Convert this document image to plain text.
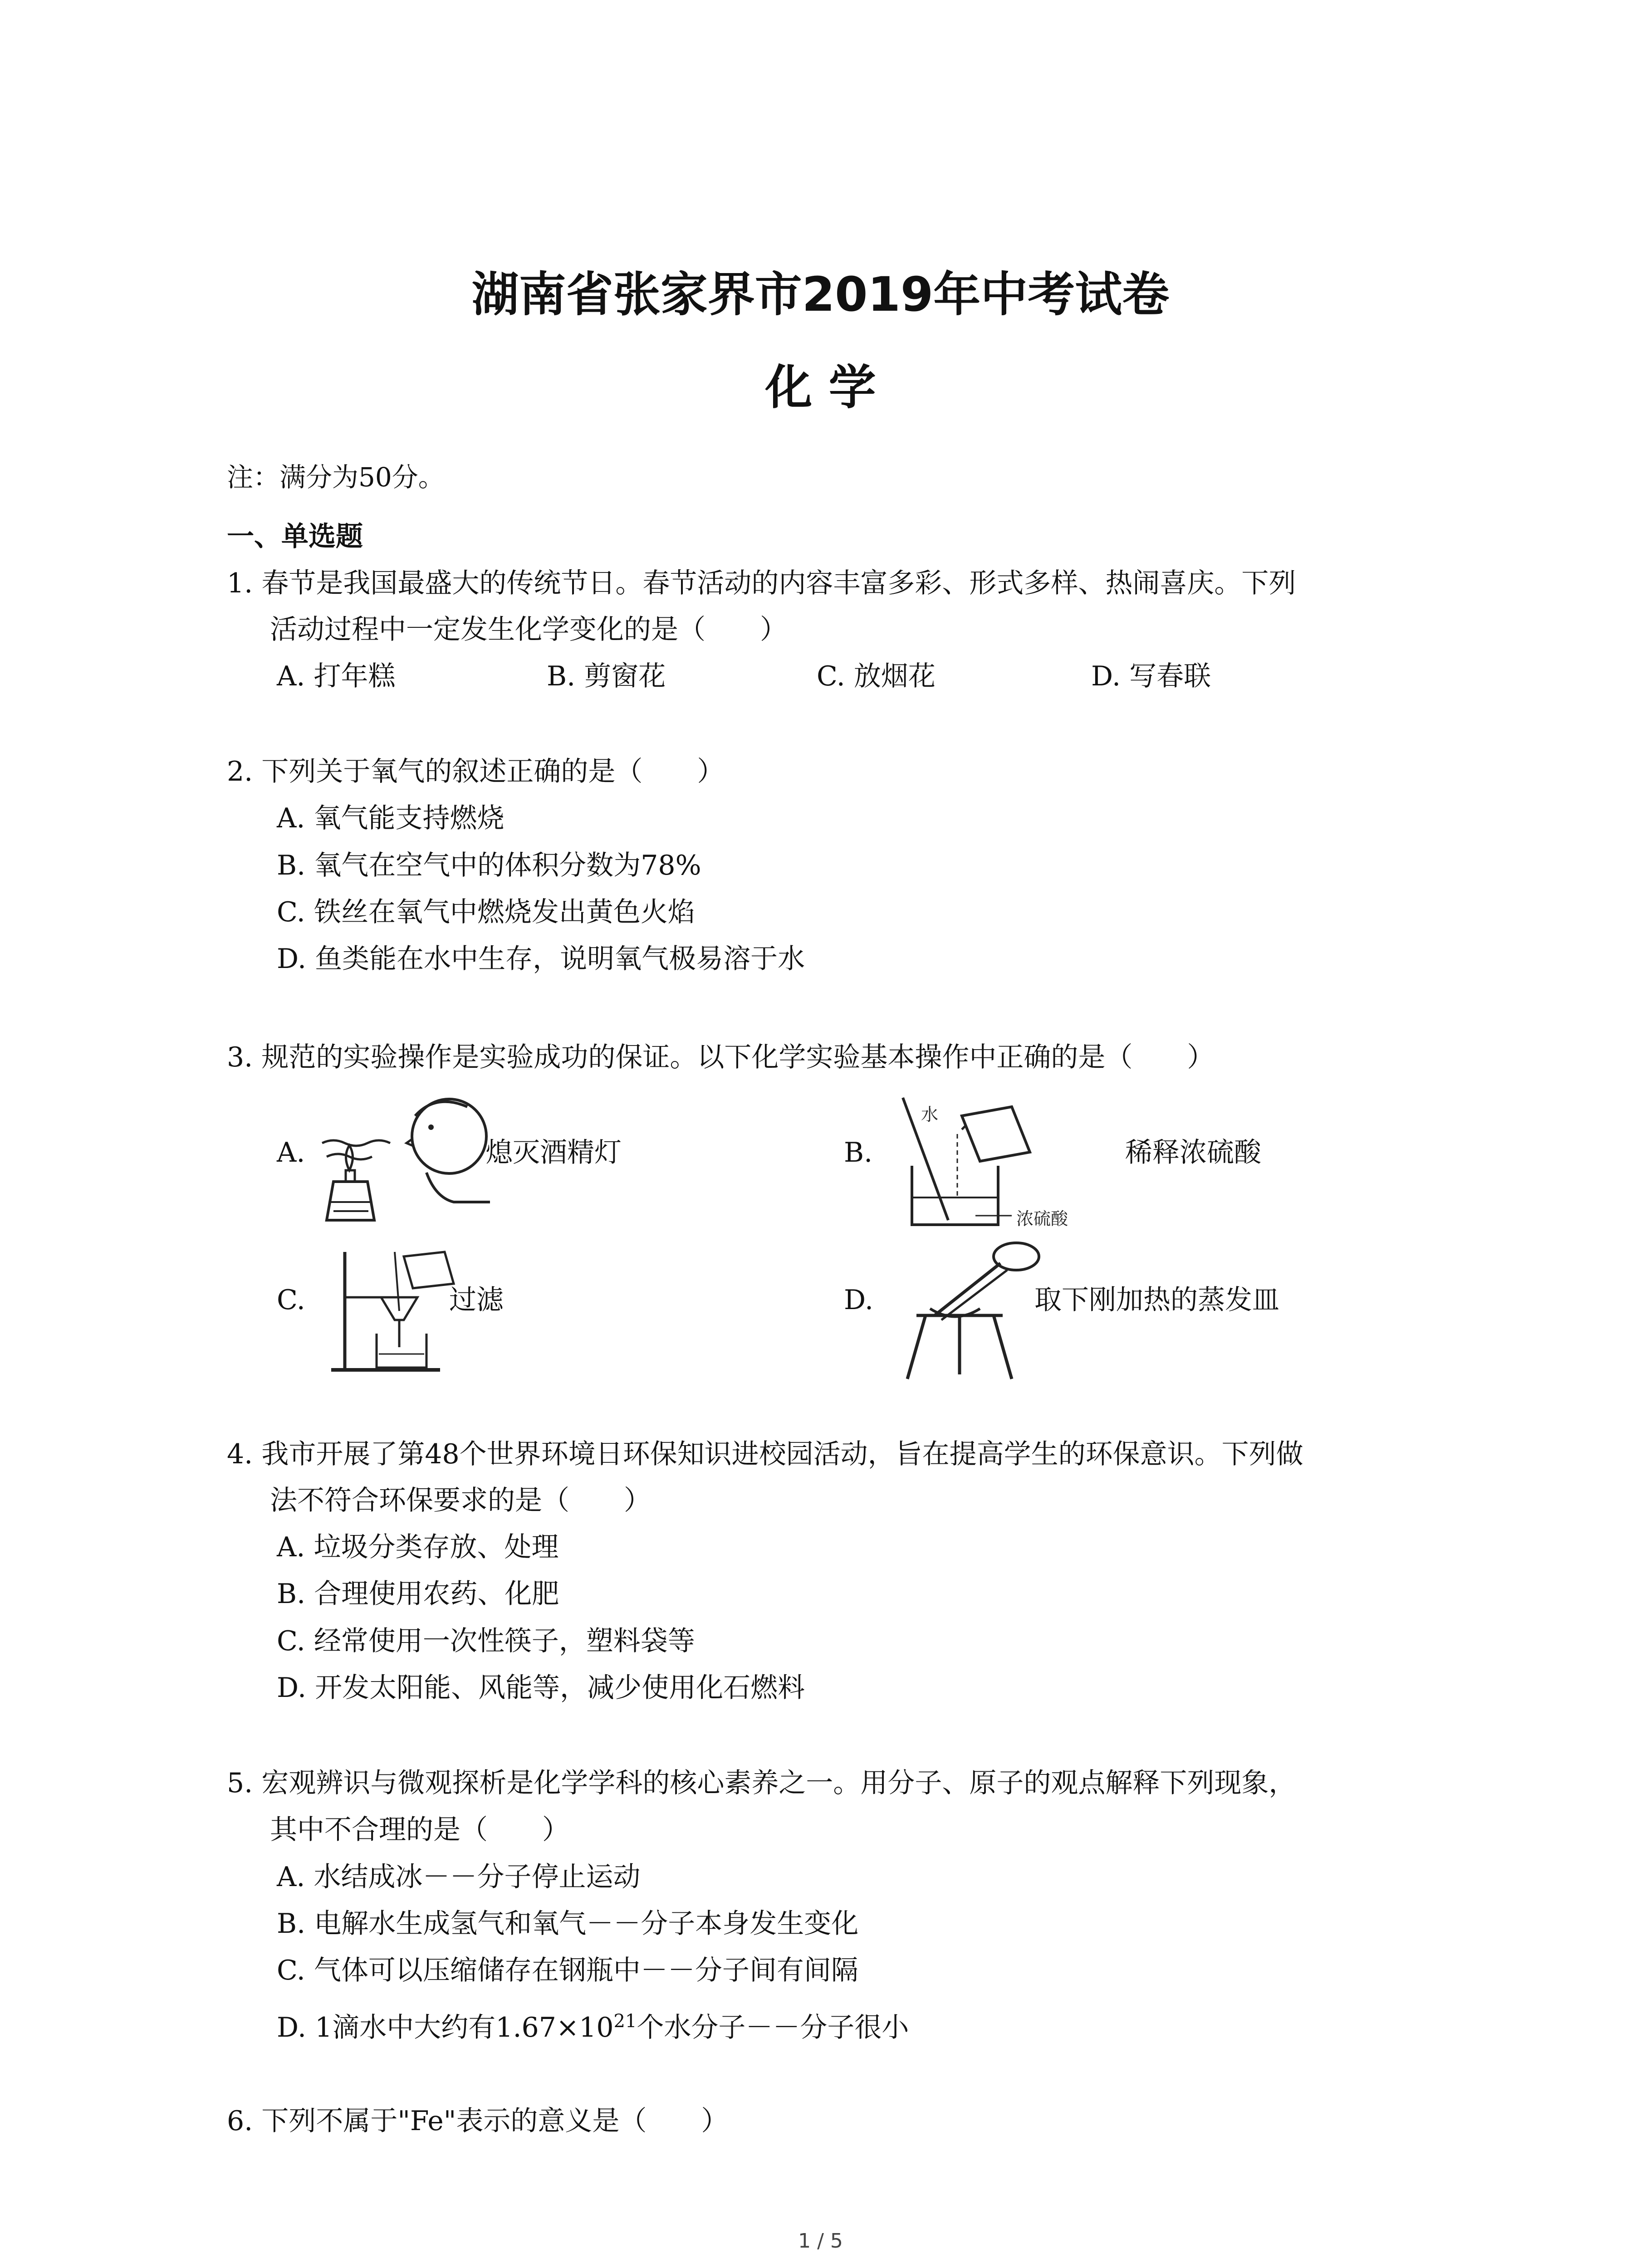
湖南省张家界市2019年中考试卷
化 学
注：满分为50分。
一、单选题
1. 春节是我国最盛大的传统节日。春节活动的内容丰富多彩、形式多样、热闹喜庆。下列
活动过程中一定发生化学变化的是（　　）
A. 打年糕	B. 剪窗花	C. 放烟花	D. 写春联
2. 下列关于氧气的叙述正确的是（　　）
A. 氧气能支持燃烧
B. 氧气在空气中的体积分数为78%
C. 铁丝在氧气中燃烧发出黄色火焰
D. 鱼类能在水中生存，说明氧气极易溶于水
3. 规范的实验操作是实验成功的保证。以下化学实验基本操作中正确的是（　　）
A.	熄灭酒精灯	B.
水
浓硫酸
稀释浓硫酸
C.	过滤	D.	取下刚加热的蒸发皿
4. 我市开展了第48个世界环境日环保知识进校园活动，旨在提高学生的环保意识。下列做
法不符合环保要求的是（　　）
A. 垃圾分类存放、处理
B. 合理使用农药、化肥
C. 经常使用一次性筷子，塑料袋等
D. 开发太阳能、风能等，减少使用化石燃料
5. 宏观辨识与微观探析是化学学科的核心素养之一。用分子、原子的观点解释下列现象，
其中不合理的是（　　）
A. 水结成冰－－分子停止运动
B. 电解水生成氢气和氧气－－分子本身发生变化
C. 气体可以压缩储存在钢瓶中－－分子间有间隔
D. 1滴水中大约有$1.67\times 10^{21}$个水分子－－分子很小
6. 下列不属于"Fe"表示的意义是（　　）
1 / 5
